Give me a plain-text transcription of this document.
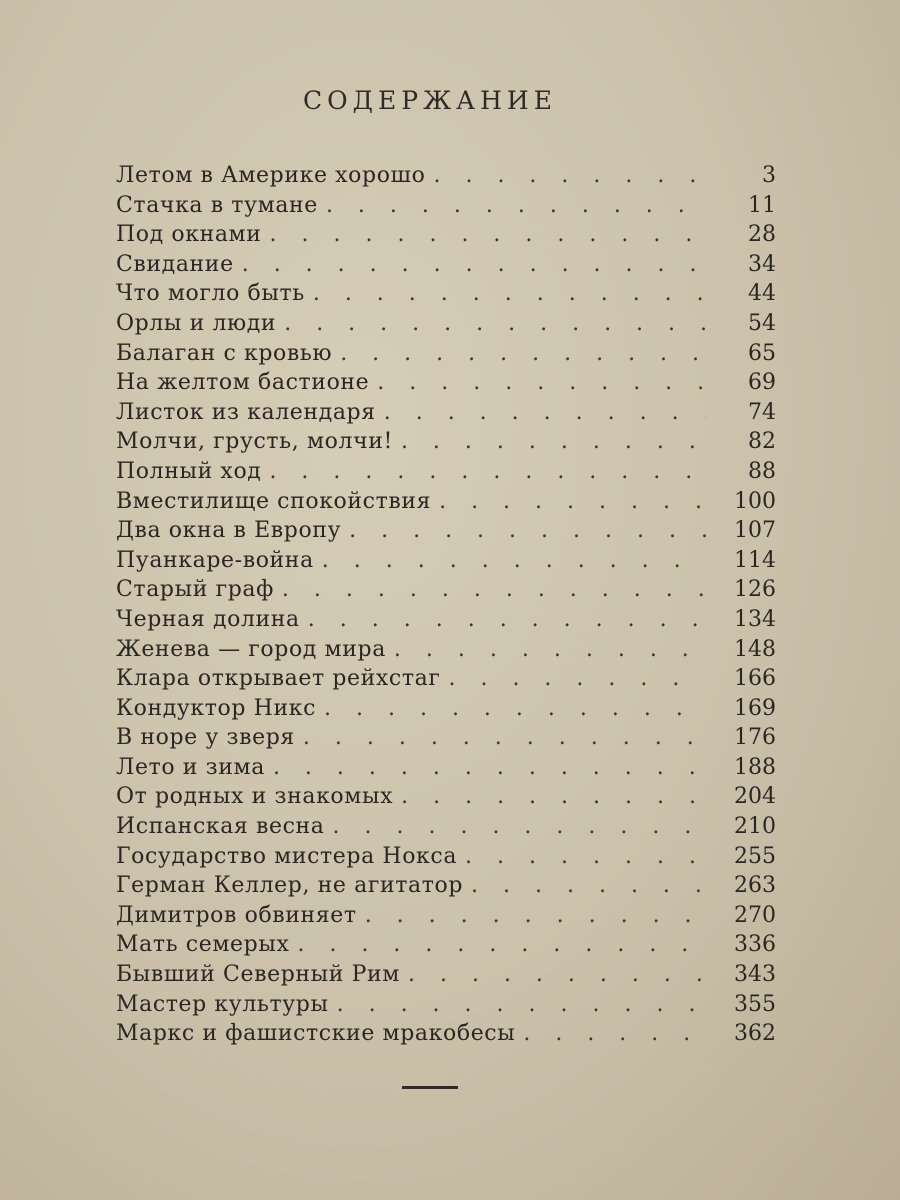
СОДЕРЖАНИЕ
Летом в Америке хорошо . . .	3
Стачка в тумане . . .	11
Под окнами . . .	28
Свидание . . .	34
Что могло быть . . .	44
Орлы и люди . . .	54
Балаган с кровью . . .	65
На желтом бастионе . . .	69
Листок из календаря . . .	74
Молчи, грусть, молчи! . . .	82
Полный ход . . .	88
Вместилище спокойствия . . .	100
Два окна в Европу . . .	107
Пуанкаре-война . . .	114
Старый граф . . .	126
Черная долина . . .	134
Женева — город мира . . .	148
Клара открывает рейхстаг . . .	166
Кондуктор Никс . . .	169
В норе у зверя . . .	176
Лето и зима . . .	188
От родных и знакомых . . .	204
Испанская весна . . .	210
Государство мистера Нокса . . .	255
Герман Келлер, не агитатор . . .	263
Димитров обвиняет . . .	270
Мать семерых . . .	336
Бывший Северный Рим . . .	343
Мастер культуры . . .	355
Маркс и фашистские мракобесы . . .	362
